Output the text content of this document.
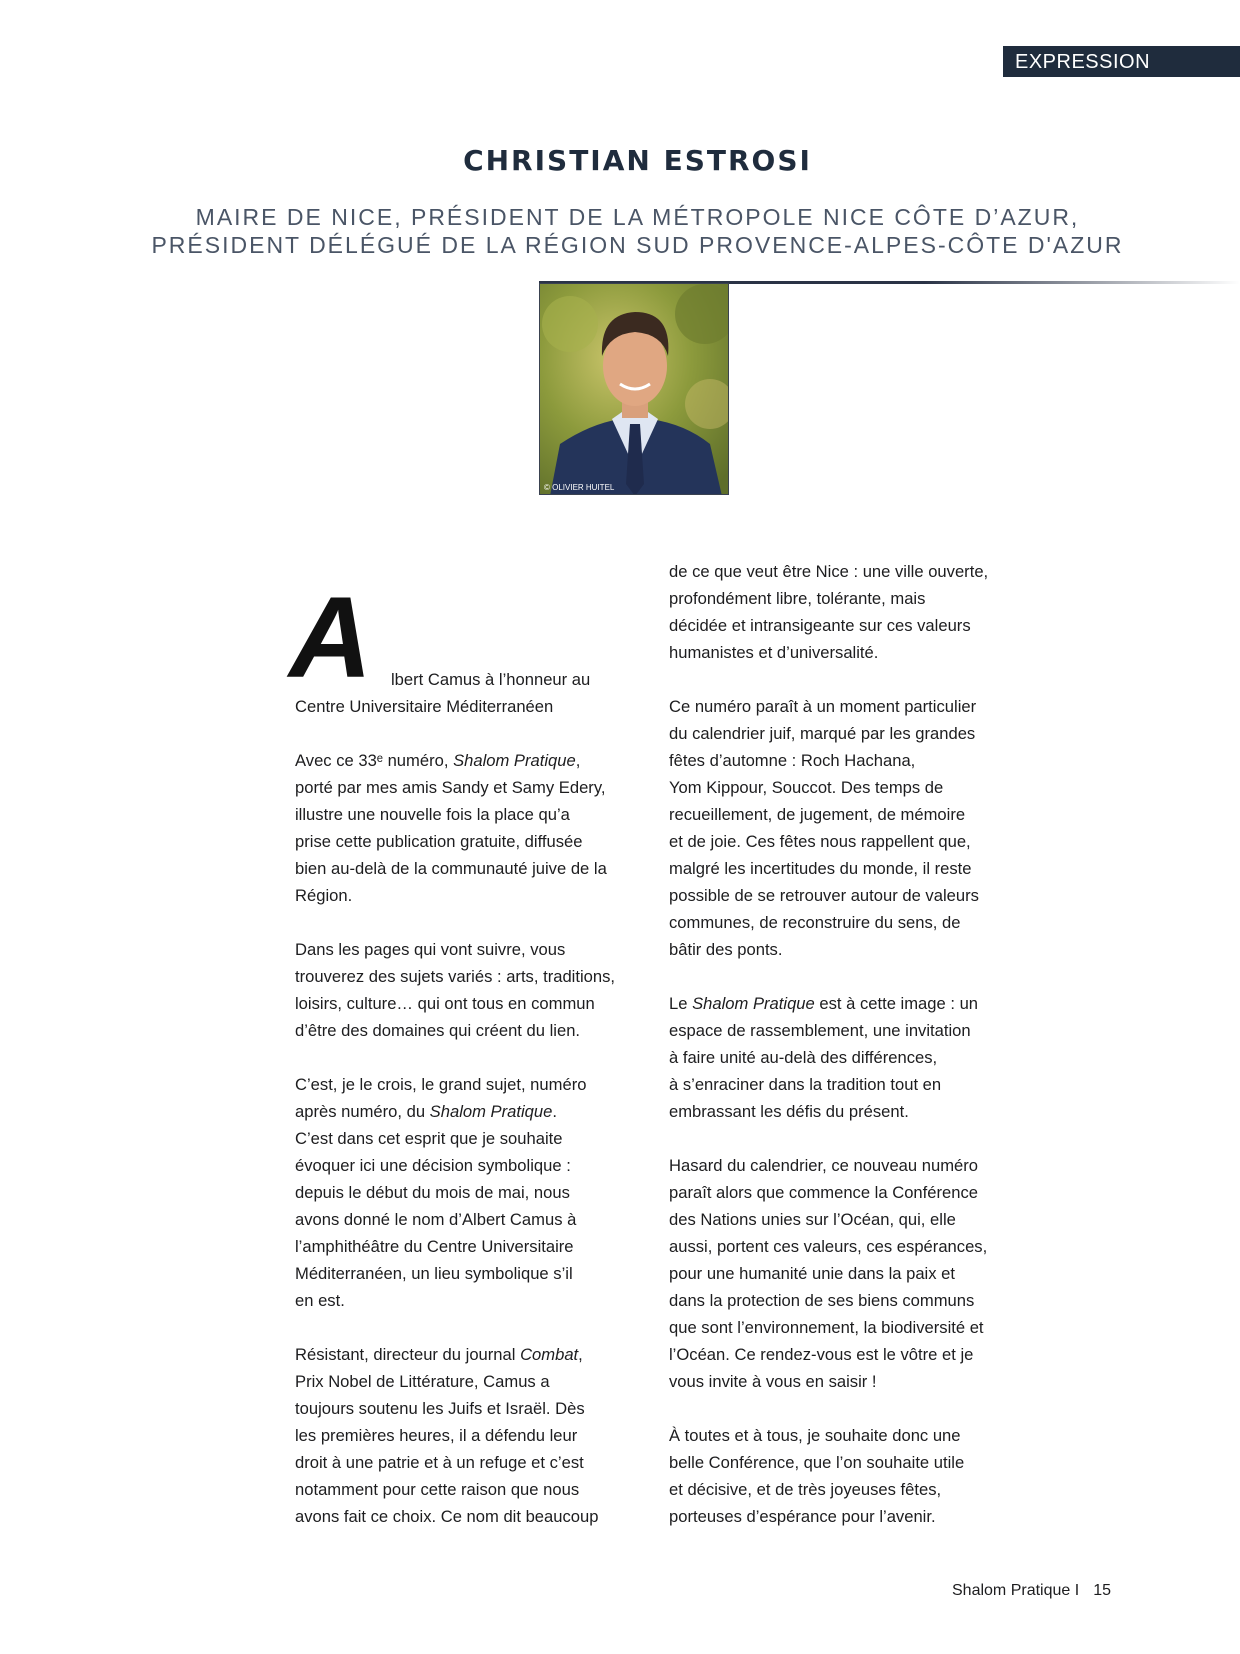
EXPRESSION
CHRISTIAN ESTROSI
MAIRE DE NICE, PRÉSIDENT DE LA MÉTROPOLE NICE CÔTE D’AZUR,
PRÉSIDENT DÉLÉGUÉ DE LA RÉGION SUD PROVENCE-ALPES-CÔTE D'AZUR
© OLIVIER HUITEL
A	lbert Camus à l’honneur au
Centre Universitaire Méditerranéen

Avec ce 33ᵉ numéro, Shalom Pratique,
porté par mes amis Sandy et Samy Edery,
illustre une nouvelle fois la place qu’a
prise cette publication gratuite, diffusée
bien au-delà de la communauté juive de la
Région.

Dans les pages qui vont suivre, vous
trouverez des sujets variés : arts, traditions,
loisirs, culture… qui ont tous en commun
d’être des domaines qui créent du lien.

C’est, je le crois, le grand sujet, numéro
après numéro, du Shalom Pratique.
C’est dans cet esprit que je souhaite
évoquer ici une décision symbolique :
depuis le début du mois de mai, nous
avons donné le nom d’Albert Camus à
l’amphithéâtre du Centre Universitaire
Méditerranéen, un lieu symbolique s’il
en est.

Résistant, directeur du journal Combat,
Prix Nobel de Littérature, Camus a
toujours soutenu les Juifs et Israël. Dès
les premières heures, il a défendu leur
droit à une patrie et à un refuge et c’est
notamment pour cette raison que nous
avons fait ce choix. Ce nom dit beaucoup

de ce que veut être Nice : une ville ouverte,
profondément libre, tolérante, mais
décidée et intransigeante sur ces valeurs
humanistes et d’universalité.

Ce numéro paraît à un moment particulier
du calendrier juif, marqué par les grandes
fêtes d’automne : Roch Hachana,
Yom Kippour, Souccot. Des temps de
recueillement, de jugement, de mémoire
et de joie. Ces fêtes nous rappellent que,
malgré les incertitudes du monde, il reste
possible de se retrouver autour de valeurs
communes, de reconstruire du sens, de
bâtir des ponts.

Le Shalom Pratique est à cette image : un
espace de rassemblement, une invitation
à faire unité au-delà des différences,
à s’enraciner dans la tradition tout en
embrassant les défis du présent.

Hasard du calendrier, ce nouveau numéro
paraît alors que commence la Conférence
des Nations unies sur l’Océan, qui, elle
aussi, portent ces valeurs, ces espérances,
pour une humanité unie dans la paix et
dans la protection de ses biens communs
que sont l’environnement, la biodiversité et
l’Océan. Ce rendez-vous est le vôtre et je
vous invite à vous en saisir !

À toutes et à tous, je souhaite donc une
belle Conférence, que l’on souhaite utile
et décisive, et de très joyeuses fêtes,
porteuses d’espérance pour l’avenir.

Shalom Pratique I 15
